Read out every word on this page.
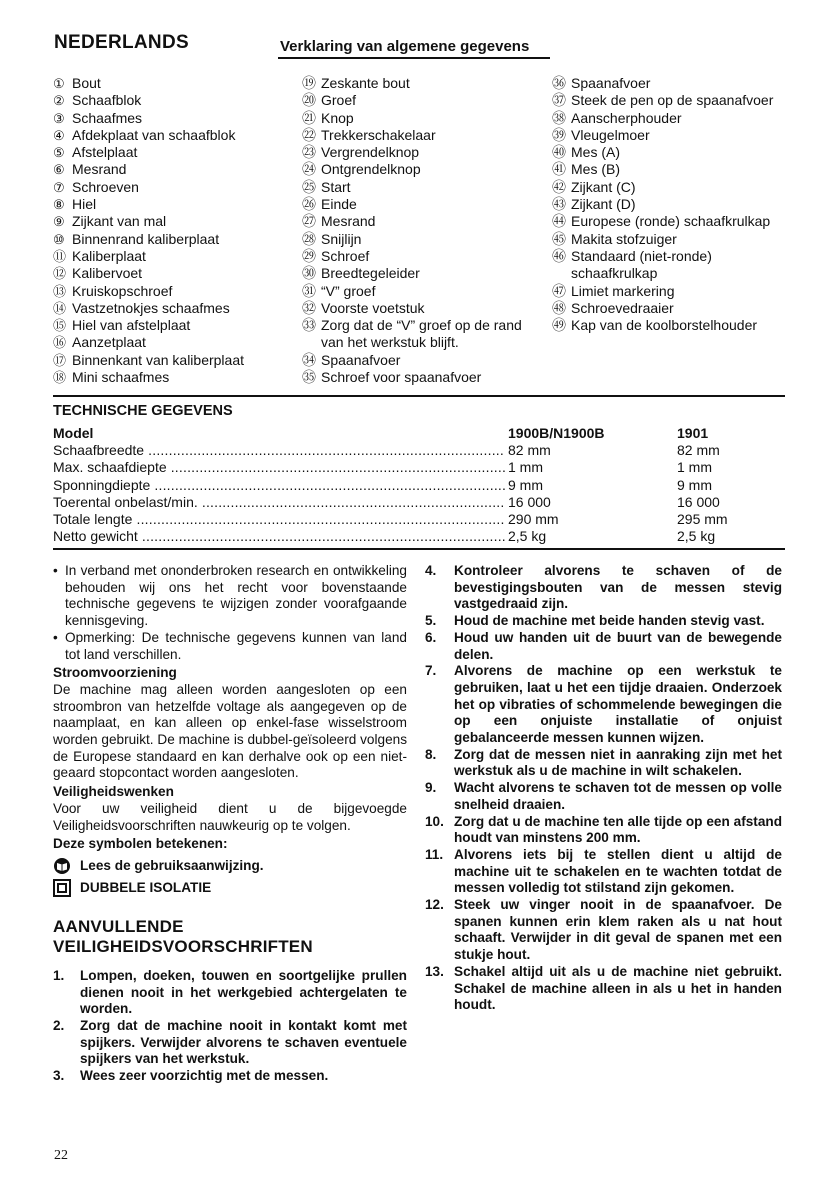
NEDERLANDS	Verklaring van algemene gegevens
① Bout
② Schaafblok
③ Schaafmes
④ Afdekplaat van schaafblok
⑤ Afstelplaat
⑥ Mesrand
⑦ Schroeven
⑧ Hiel
⑨ Zijkant van mal
⑩ Binnenrand kaliberplaat
⑪ Kaliberplaat
⑫ Kalibervoet
⑬ Kruiskopschroef
⑭ Vastzetnokjes schaafmes
⑮ Hiel van afstelplaat
⑯ Aanzetplaat
⑰ Binnenkant van kaliberplaat
⑱ Mini schaafmes
⑲ Zeskante bout
⑳ Groef
㉑ Knop
㉒ Trekkerschakelaar
㉓ Vergrendelknop
㉔ Ontgrendelknop
㉕ Start
㉖ Einde
㉗ Mesrand
㉘ Snijlijn
㉙ Schroef
㉚ Breedtegeleider
㉛ “V” groef
㉜ Voorste voetstuk
㉝ Zorg dat de “V” groef op de rand van het werkstuk blijft.
㉞ Spaanafvoer
㉟ Schroef voor spaanafvoer
㊱ Spaanafvoer
㊲ Steek de pen op de spaanafvoer
㊳ Aanscherphouder
㊴ Vleugelmoer
㊵ Mes (A)
㊶ Mes (B)
㊷ Zijkant (C)
㊸ Zijkant (D)
㊹ Europese (ronde) schaafkrulkap
㊺ Makita stofzuiger
㊻ Standaard (niet-ronde) schaafkrulkap
㊼ Limiet markering
㊽ Schroevedraaier
㊾ Kap van de koolborstelhouder
TECHNISCHE GEGEVENS
Model	1900B/N1900B	1901
Schaafbreedte .....	82 mm	82 mm
Max. schaafdiepte .....	1 mm	1 mm
Sponningdiepte .....	9 mm	9 mm
Toerental onbelast/min. .....	16 000	16 000
Totale lengte .....	290 mm	295 mm
Netto gewicht .....	2,5 kg	2,5 kg
• In verband met ononderbroken research en ontwikkeling behouden wij ons het recht voor bovenstaande technische gegevens te wijzigen zonder voorafgaande kennisgeving.
• Opmerking: De technische gegevens kunnen van land tot land verschillen.
Stroomvoorziening
De machine mag alleen worden aangesloten op een stroombron van hetzelfde voltage als aangegeven op de naamplaat, en kan alleen op enkel-fase wisselstroom worden gebruikt. De machine is dubbel-geïsoleerd volgens de Europese standaard en kan derhalve ook op een niet-geaard stopcontact worden aangesloten.
Veiligheidswenken
Voor uw veiligheid dient u de bijgevoegde Veiligheidsvoorschriften nauwkeurig op te volgen.
Deze symbolen betekenen:
Lees de gebruiksaanwijzing.
DUBBELE ISOLATIE
AANVULLENDE
VEILIGHEIDSVOORSCHRIFTEN
1.	Lompen, doeken, touwen en soortgelijke prullen dienen nooit in het werkgebied achtergelaten te worden.
2.	Zorg dat de machine nooit in kontakt komt met spijkers. Verwijder alvorens te schaven eventuele spijkers van het werkstuk.
3.	Wees zeer voorzichtig met de messen.
4.	Kontroleer alvorens te schaven of de bevestigingsbouten van de messen stevig vastgedraaid zijn.
5.	Houd de machine met beide handen stevig vast.
6.	Houd uw handen uit de buurt van de bewegende delen.
7.	Alvorens de machine op een werkstuk te gebruiken, laat u het een tijdje draaien. Onderzoek het op vibraties of schommelende bewegingen die op een onjuiste installatie of onjuist gebalanceerde messen kunnen wijzen.
8.	Zorg dat de messen niet in aanraking zijn met het werkstuk als u de machine in wilt schakelen.
9.	Wacht alvorens te schaven tot de messen op volle snelheid draaien.
10. Zorg dat u de machine ten alle tijde op een afstand houdt van minstens 200 mm.
11. Alvorens iets bij te stellen dient u altijd de machine uit te schakelen en te wachten totdat de messen volledig tot stilstand zijn gekomen.
12. Steek uw vinger nooit in de spaanafvoer. De spanen kunnen erin klem raken als u nat hout schaaft. Verwijder in dit geval de spanen met een stukje hout.
13. Schakel altijd uit als u de machine niet gebruikt. Schakel de machine alleen in als u het in handen houdt.
22
